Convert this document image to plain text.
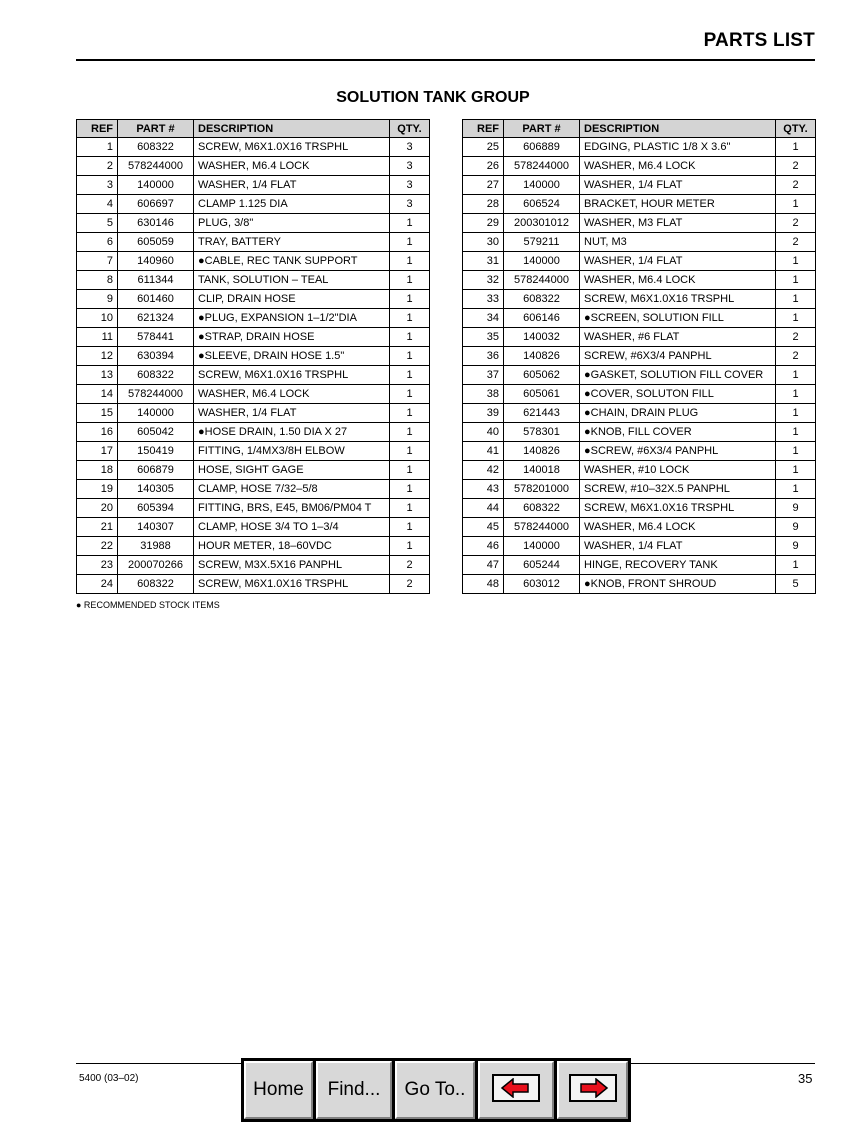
PARTS LIST
SOLUTION TANK GROUP
REF	PART #	DESCRIPTION	QTY.
1	608322	SCREW, M6X1.0X16 TRSPHL	3
2	578244000	WASHER, M6.4 LOCK	3
3	140000	WASHER, 1/4 FLAT	3
4	606697	CLAMP 1.125 DIA	3
5	630146	PLUG, 3/8"	1
6	605059	TRAY, BATTERY	1
7	140960	●CABLE, REC TANK SUPPORT	1
8	611344	TANK, SOLUTION – TEAL	1
9	601460	CLIP, DRAIN HOSE	1
10	621324	●PLUG, EXPANSION 1–1/2"DIA	1
11	578441	●STRAP, DRAIN HOSE	1
12	630394	●SLEEVE, DRAIN HOSE 1.5"	1
13	608322	SCREW, M6X1.0X16 TRSPHL	1
14	578244000	WASHER, M6.4 LOCK	1
15	140000	WASHER, 1/4 FLAT	1
16	605042	●HOSE DRAIN, 1.50 DIA X 27	1
17	150419	FITTING, 1/4MX3/8H ELBOW	1
18	606879	HOSE, SIGHT GAGE	1
19	140305	CLAMP, HOSE 7/32–5/8	1
20	605394	FITTING, BRS, E45, BM06/PM04 T	1
21	140307	CLAMP, HOSE 3/4 TO 1–3/4	1
22	31988	HOUR METER, 18–60VDC	1
23	200070266	SCREW, M3X.5X16 PANPHL	2
24	608322	SCREW, M6X1.0X16 TRSPHL	2
REF	PART #	DESCRIPTION	QTY.
25	606889	EDGING, PLASTIC 1/8 X 3.6"	1
26	578244000	WASHER, M6.4 LOCK	2
27	140000	WASHER, 1/4 FLAT	2
28	606524	BRACKET, HOUR METER	1
29	200301012	WASHER, M3 FLAT	2
30	579211	NUT, M3	2
31	140000	WASHER, 1/4 FLAT	1
32	578244000	WASHER, M6.4 LOCK	1
33	608322	SCREW, M6X1.0X16 TRSPHL	1
34	606146	●SCREEN, SOLUTION FILL	1
35	140032	WASHER, #6 FLAT	2
36	140826	SCREW, #6X3/4 PANPHL	2
37	605062	●GASKET, SOLUTION FILL COVER	1
38	605061	●COVER, SOLUTON FILL	1
39	621443	●CHAIN, DRAIN PLUG	1
40	578301	●KNOB, FILL COVER	1
41	140826	●SCREW, #6X3/4 PANPHL	1
42	140018	WASHER, #10 LOCK	1
43	578201000	SCREW, #10–32X.5 PANPHL	1
44	608322	SCREW, M6X1.0X16 TRSPHL	9
45	578244000	WASHER, M6.4 LOCK	9
46	140000	WASHER, 1/4 FLAT	9
47	605244	HINGE, RECOVERY TANK	1
48	603012	●KNOB, FRONT SHROUD	5
● RECOMMENDED STOCK ITEMS
5400 (03–02)	35
Home	Find...	Go To..
